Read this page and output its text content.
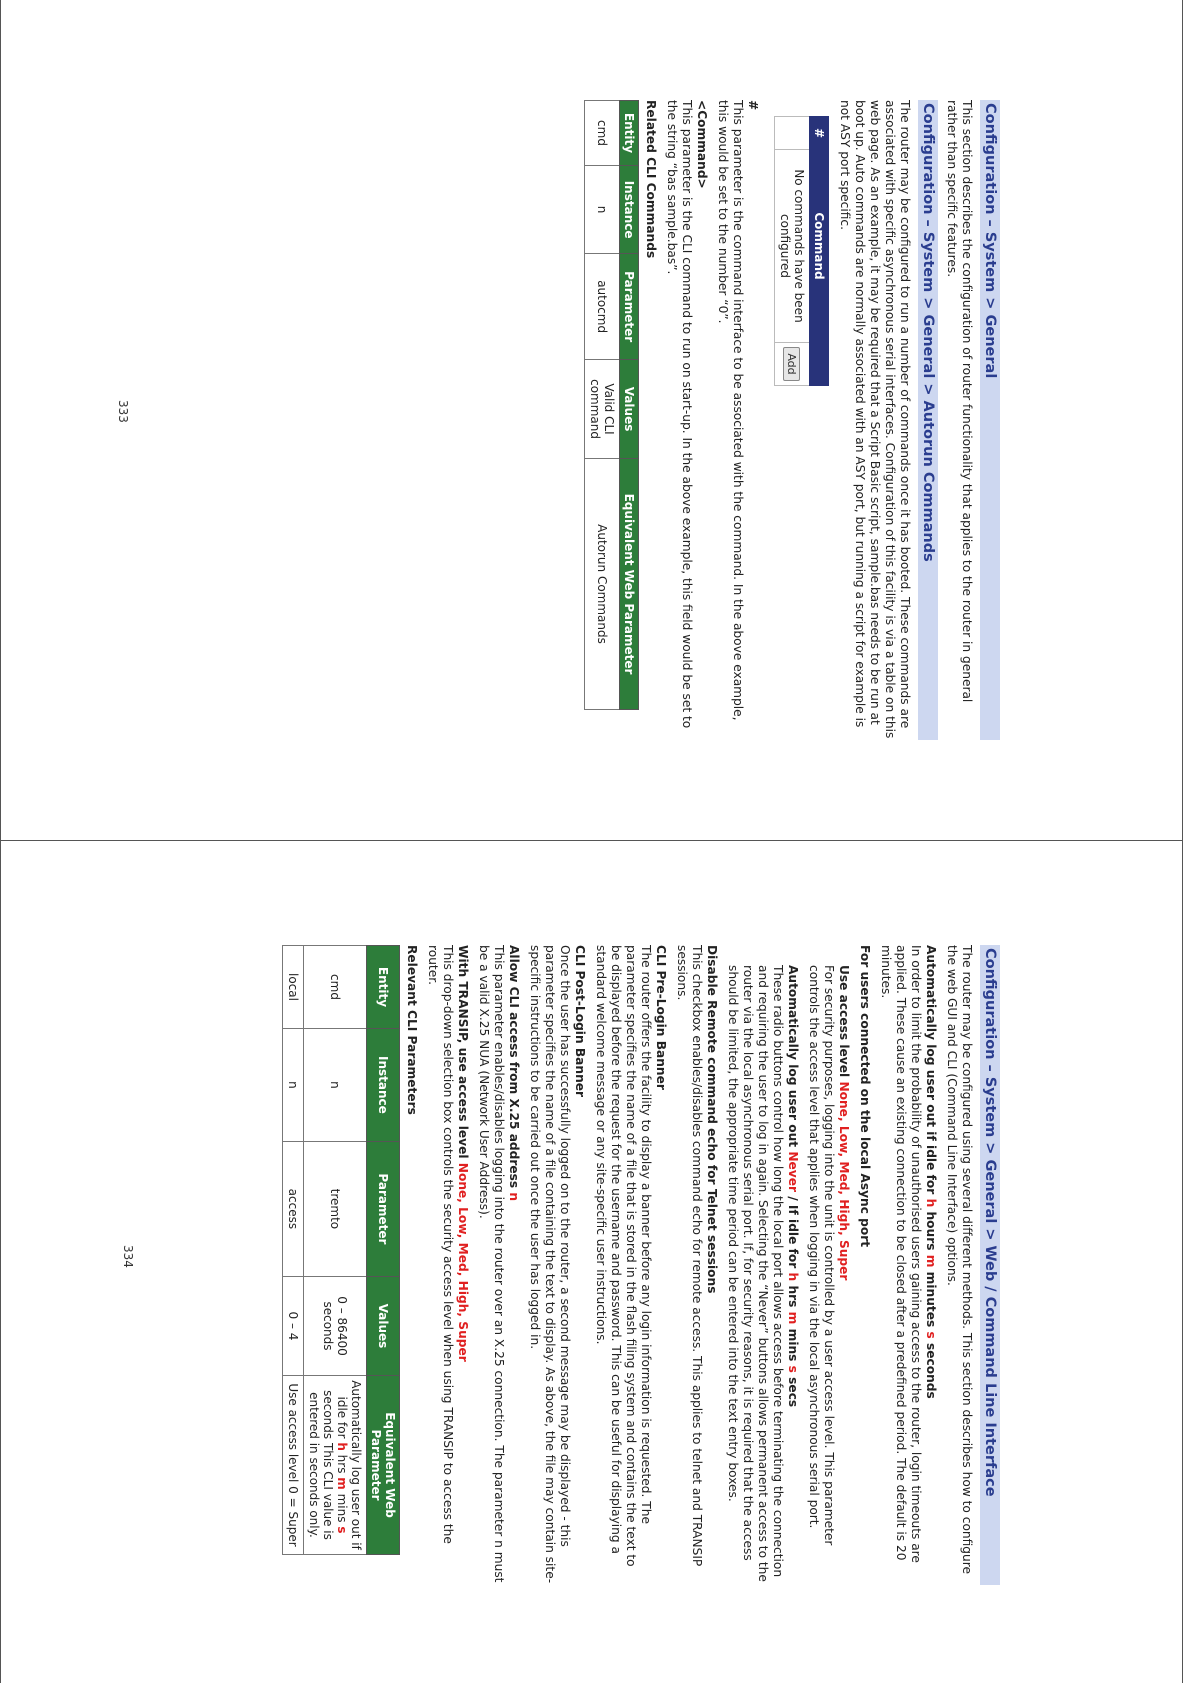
Configuration – System > General

This section describes the configuration of router functionality that applies to the router in general rather than specific features.

Configuration – System > General > Autorun Commands

The router may be configured to run a number of commands once it has booted. These commands are associated with specific asynchronous serial interfaces. Configuration of this facility is via a table on this web page. As an example, it may be required that a Script Basic script, sample.bas needs to be run at boot up. Auto commands are normally associated with an ASY port, but running a script for example is not ASY port specific.

#	Command	
	No commands have been configured	Add
#

This parameter is the command interface to be associated with the command. In the above example, this would be set to the number “0”.

<Command>

This parameter is the CLI command to run on start-up. In the above example, this field would be set to the string “bas sample.bas”.

Related CLI Commands
Entity	Instance	Parameter	Values	Equivalent Web Parameter
cmd	n	autocmd	Valid CLI command	Autorun Commands
333
Configuration – System > General > Web / Command Line Interface

The router may be configured using several different methods. This section describes how to configure the web GUI and CLI (Command Line Interface) options.

Automatically log user out if idle for h hours m minutes s seconds

In order to limit the probability of unauthorised users gaining access to the router, login timeouts are applied. These cause an existing connection to be closed after a predefined period. The default is 20 minutes.

For users connected on the local Async port
Use access level None, Low, Med, High, Super

For security purposes, logging into the unit is controlled by a user access level. This parameter controls the access level that applies when logging in via the local asynchronous serial port.

Automatically log user out Never / If idle for h hrs m mins s secs

These radio buttons control how long the local port allows access before terminating the connection and requiring the user to log in again. Selecting the “Never” buttons allows permanent access to the router via the local asynchronous serial port. If, for security reasons, it is required that the access should be limited, the appropriate time period can be entered into the text entry boxes.

Disable Remote command echo for Telnet sessions

This checkbox enables/disables command echo for remote access. This applies to telnet and TRANSIP sessions.

CLI Pre-Login Banner

The router offers the facility to display a banner before any login information is requested. The parameter specifies the name of a file that is stored in the flash filing system and contains the text to be displayed before the request for the username and password. This can be useful for displaying a standard welcome message or any site-specific user instructions.

CLI Post-Login Banner

Once the user has successfully logged on to the router, a second message may be displayed - this parameter specifies the name of a file containing the text to display. As above, the file may contain site-specific instructions to be carried out once the user has logged in.

Allow CLI access from X.25 address n

This parameter enables/disables logging into the router over an X.25 connection. The parameter n must be a valid X.25 NUA (Network User Address).

With TRANSIP, use access level None, Low, Med, High, Super

This drop-down selection box controls the security access level when using TRANSIP to access the router.

Relevant CLI Parameters
Entity	Instance	Parameter	Values	Equivalent Web Parameter
cmd	n	tremto	0 – 86400 seconds	Automatically log user out if idle for h hrs m mins s seconds This CLI value is entered in seconds only.
local	n	access	0 – 4	Use access level 0 = Super
334
